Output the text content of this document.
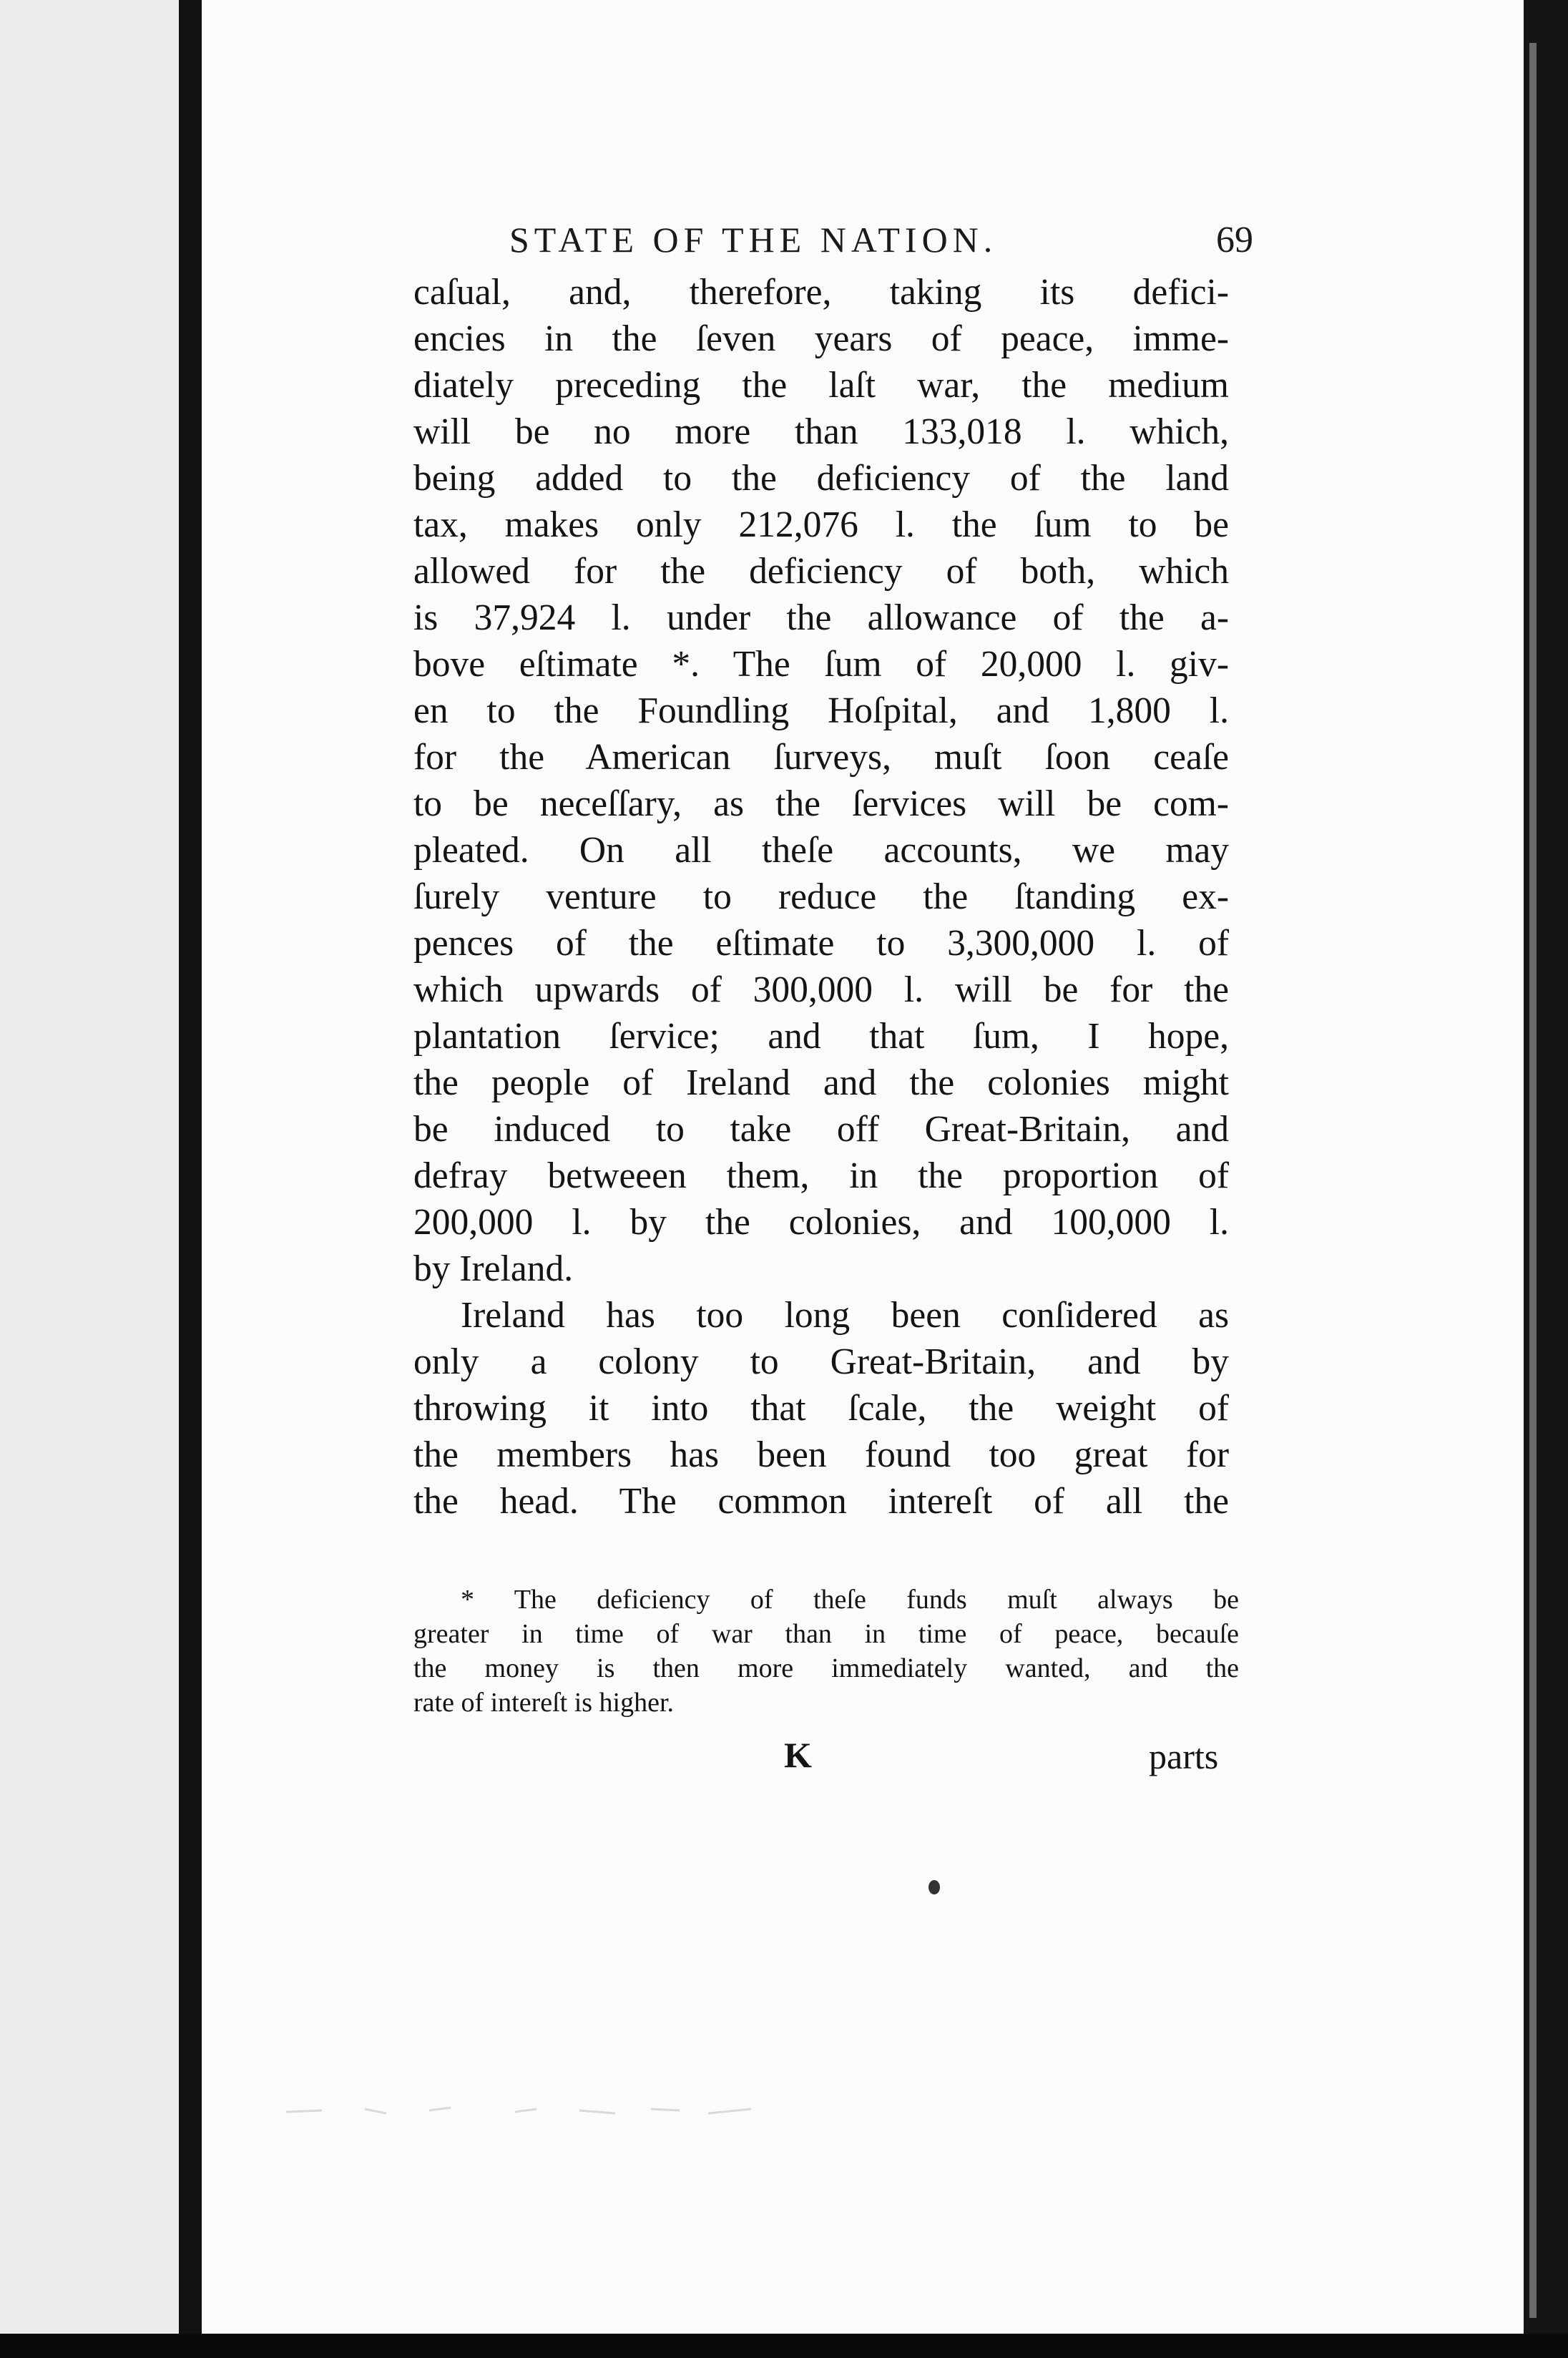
STATE OF THE NATION.	69
caſual, and, therefore, taking its defici-
encies in the ſeven years of peace, imme-
diately preceding the laſt war, the medium
will be no more than 133,018 l. which,
being added to the deficiency of the land
tax, makes only 212,076 l. the ſum to be
allowed for the deficiency of both, which
is 37,924 l. under the allowance of the a-
bove eſtimate *. The ſum of 20,000 l. giv-
en to the Foundling Hoſpital, and 1,800 l.
for the American ſurveys, muſt ſoon ceaſe
to be neceſſary, as the ſervices will be com-
pleated. On all theſe accounts, we may
ſurely venture to reduce the ſtanding ex-
pences of the eſtimate to 3,300,000 l. of
which upwards of 300,000 l. will be for the
plantation ſervice; and that ſum, I hope,
the people of Ireland and the colonies might
be induced to take off Great-Britain, and
defray betweeen them, in the proportion of
200,000 l. by the colonies, and 100,000 l.
by Ireland.
Ireland has too long been conſidered as
only a colony to Great-Britain, and by
throwing it into that ſcale, the weight of
the members has been found too great for
the head. The common intereſt of all the
* The deficiency of theſe funds muſt always be
greater in time of war than in time of peace, becauſe
the money is then more immediately wanted, and the
rate of intereſt is higher.
K	parts
